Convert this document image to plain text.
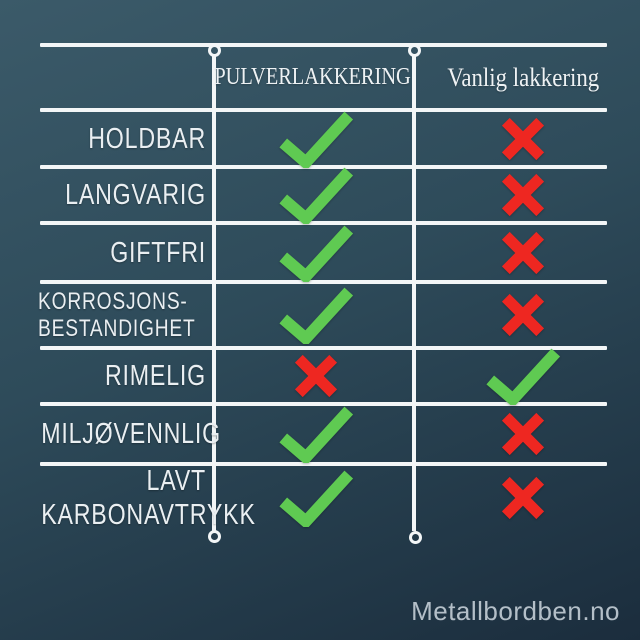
PULVERLAKKERING Vanlig lakkering
HOLDBAR
LANGVARIG
GIFTFRI
KORROSJONS-
BESTANDIGHET
RIMELIG
MILJØVENNLIG
LAVT
KARBONAVTRYKK
Metallbordben.no
